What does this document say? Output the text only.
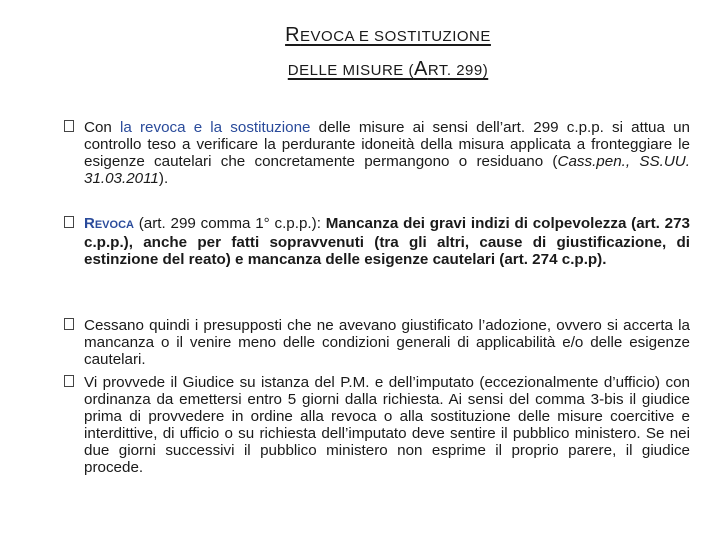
REVOCA E SOSTITUZIONE
DELLE MISURE (ART. 299)

Con la revoca e la sostituzione delle misure ai sensi dell’art. 299 c.p.p. si attua un controllo teso a verificare la perdurante idoneità della misura applicata a fronteggiare le esigenze cautelari che concretamente permangono o residuano (Cass.pen., SS.UU. 31.03.2011).

REVOCA (art. 299 comma 1° c.p.p.): Mancanza dei gravi indizi di colpevolezza (art. 273 c.p.p.), anche per fatti sopravvenuti (tra gli altri, cause di giustificazione, di estinzione del reato) e mancanza delle esigenze cautelari (art. 274 c.p.p).

Cessano quindi i presupposti che ne avevano giustificato l’adozione, ovvero si accerta la mancanza o il venire meno delle condizioni generali di applicabilità e/o delle esigenze cautelari.

Vi provvede il Giudice su istanza del P.M. e dell’imputato (eccezionalmente d’ufficio) con ordinanza da emettersi entro 5 giorni dalla richiesta. Ai sensi del comma 3-bis il giudice prima di provvedere in ordine alla revoca o alla sostituzione delle misure coercitive e interdittive, di ufficio o su richiesta dell’imputato deve sentire il pubblico ministero. Se nei due giorni successivi il pubblico ministero non esprime il proprio parere, il giudice procede.
